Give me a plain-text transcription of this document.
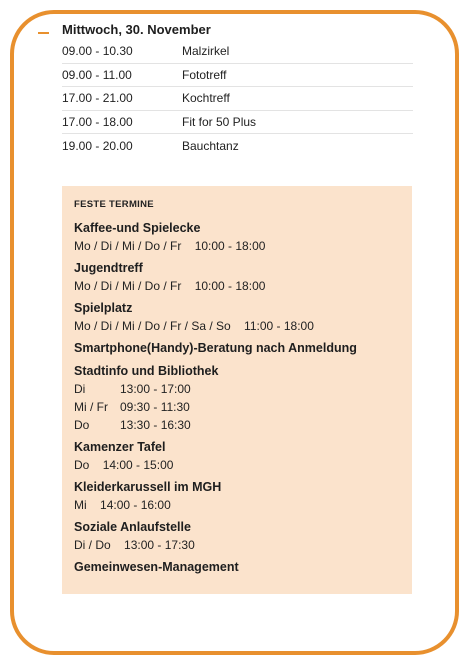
Mittwoch, 30. November
09.00 - 10.30	Malzirkel
09.00 - 11.00	Fototreff
17.00 - 21.00	Kochtreff
17.00 - 18.00	Fit for 50 Plus
19.00 - 20.00	Bauchtanz
FESTE TERMINE
Kaffee-und Spielecke
Mo / Di / Mi / Do / Fr 10:00 - 18:00
Jugendtreff
Mo / Di / Mi / Do / Fr 10:00 - 18:00
Spielplatz
Mo / Di / Mi / Do / Fr / Sa / So 11:00 - 18:00
Smartphone(Handy)-Beratung nach Anmeldung
Stadtinfo und Bibliothek
Di	13:00 - 17:00
Mi / Fr	09:30 - 11:30
Do	13:30 - 16:30
Kamenzer Tafel
Do 14:00 - 15:00
Kleiderkarussell im MGH
Mi 14:00 - 16:00
Soziale Anlaufstelle
Di / Do 13:00 - 17:30
Gemeinwesen-Management
